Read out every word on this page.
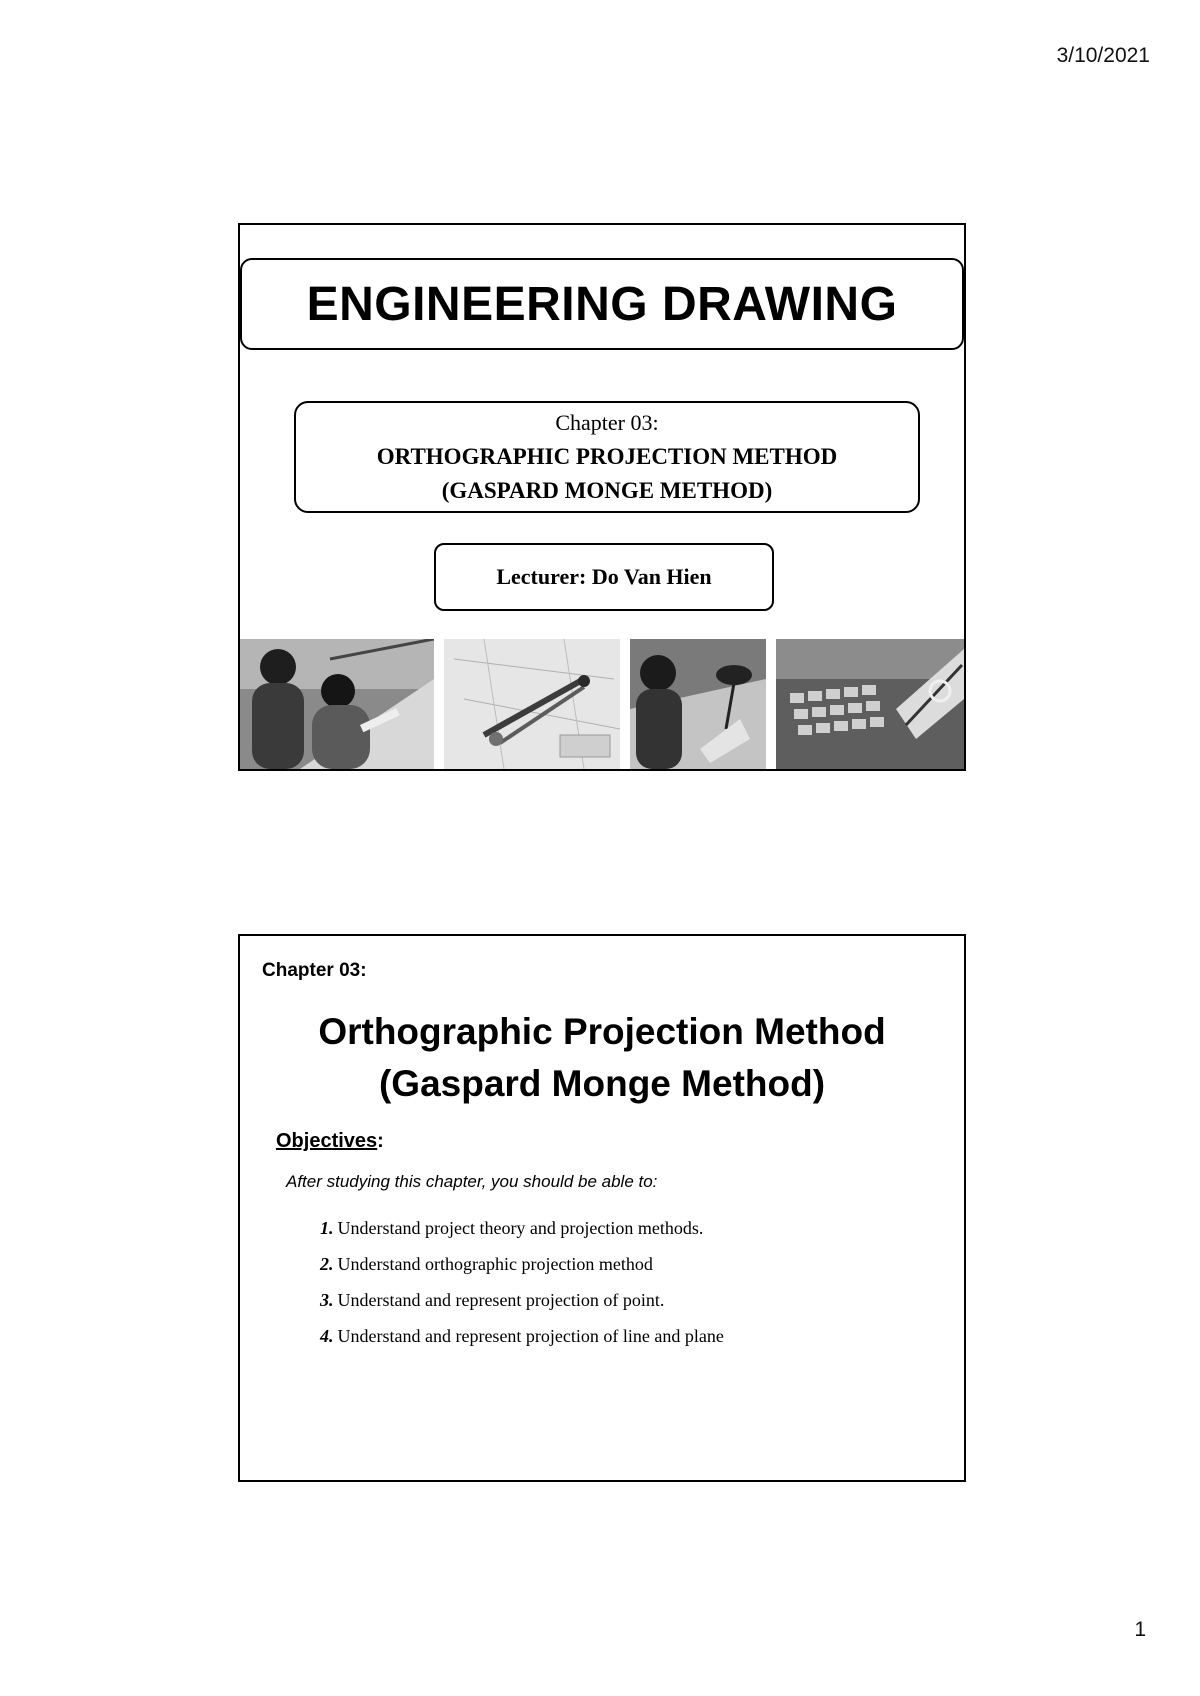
3/10/2021
ENGINEERING DRAWING
Chapter 03:
ORTHOGRAPHIC PROJECTION METHOD
(GASPARD MONGE METHOD)
Lecturer: Do Van Hien
Chapter 03:
Orthographic Projection Method
(Gaspard Monge Method)
Objectives:
After studying this chapter, you should be able to:
1. Understand project theory and projection methods.
2. Understand orthographic projection method
3. Understand and represent projection of point.
4. Understand and represent projection of line and plane
1
